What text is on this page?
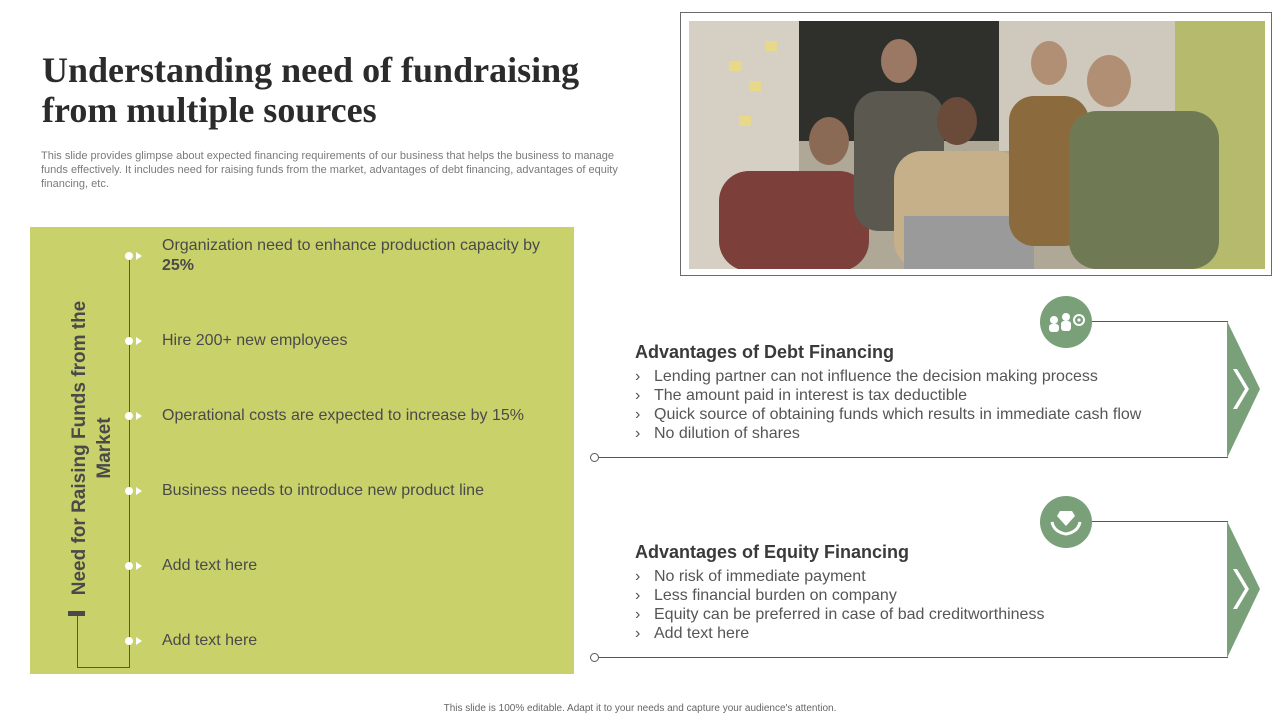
Understanding need of fundraising from multiple sources

This slide provides glimpse about expected financing requirements of our business that helps the business to manage funds effectively. It includes need for raising funds from the market, advantages of debt financing, advantages of equity financing, etc.

Need for Raising Funds from the Market
Organization need to enhance production capacity by 25%
Hire 200+ new employees
Operational costs are expected to increase by 15%
Business needs to introduce new product line
Add text here
Add text here
Advantages of Debt Financing
› Lending partner can not influence the decision making process
› The amount paid in interest is tax deductible
› Quick source of obtaining funds which results in immediate cash flow
› No dilution of shares
Advantages of Equity Financing
› No risk of immediate payment
› Less financial burden on company
› Equity can be preferred in case of bad creditworthiness
› Add text here
This slide is 100% editable. Adapt it to your needs and capture your audience's attention.
